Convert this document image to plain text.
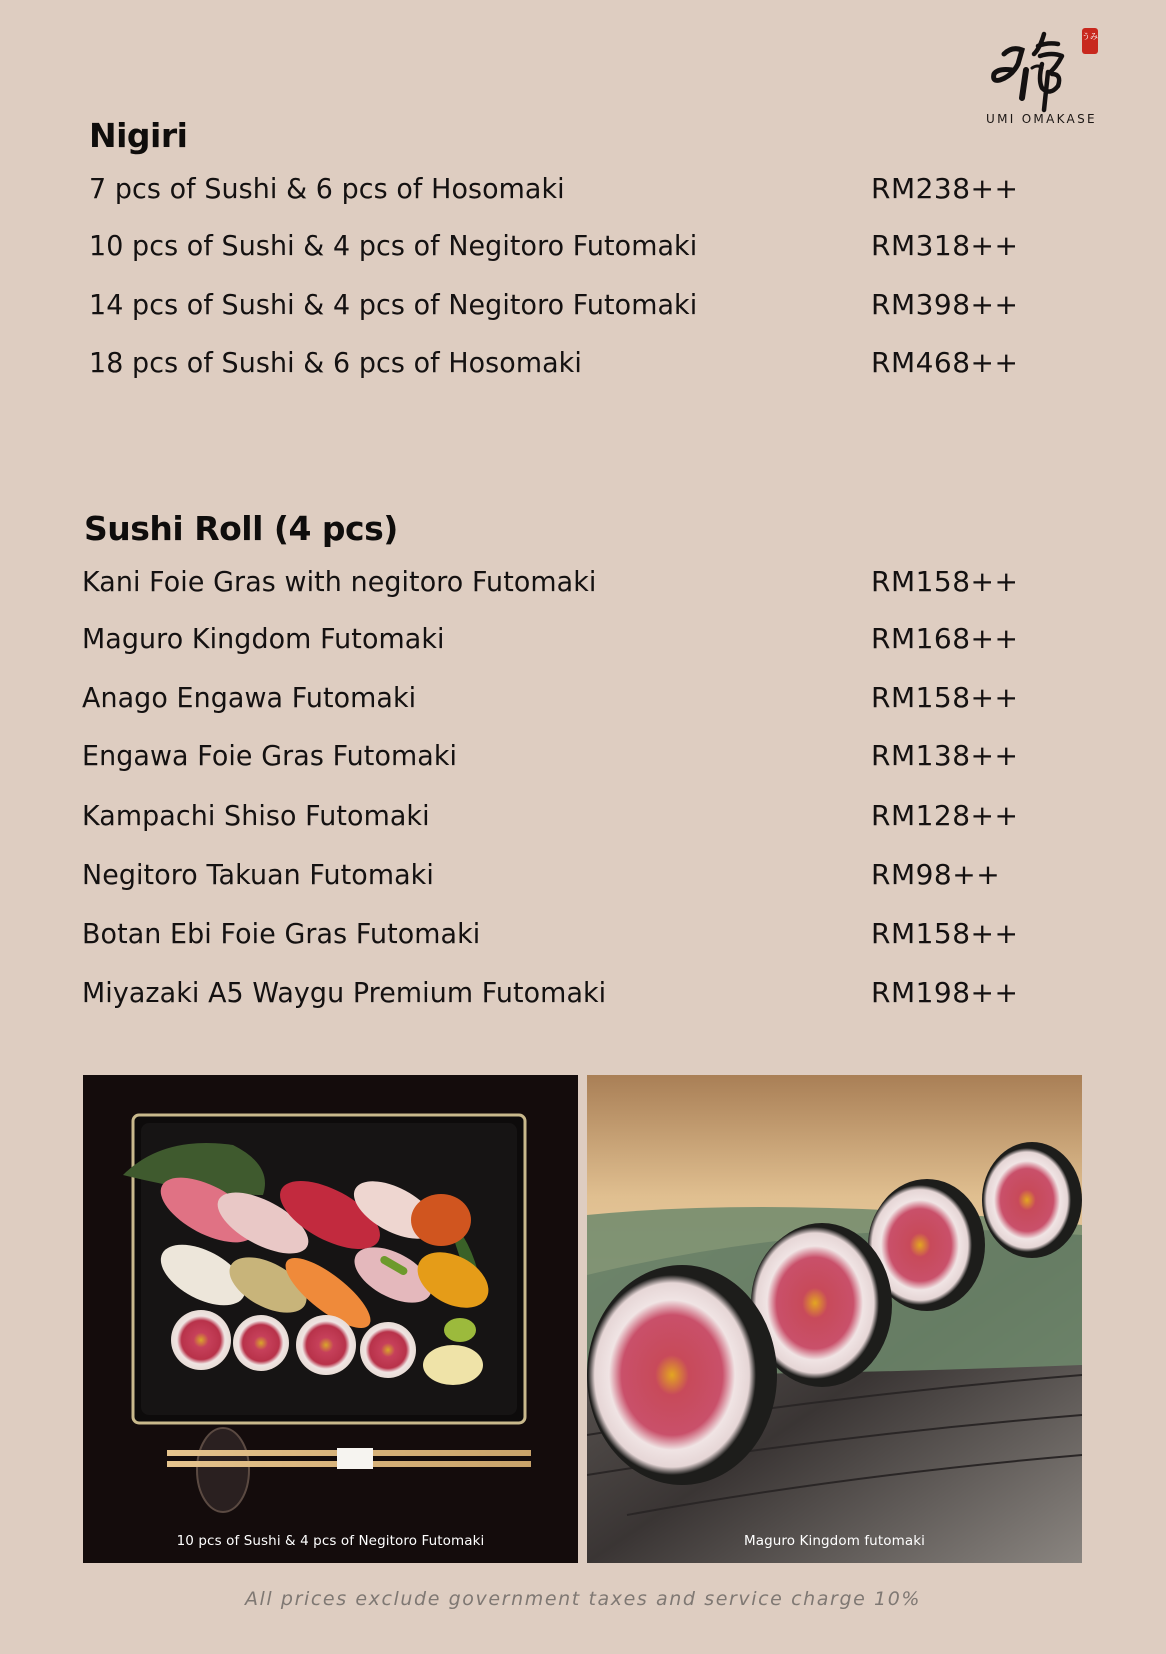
うみ
UMI OMAKASE
Nigiri
7 pcs of Sushi & 6 pcs of Hosomaki	RM238++
10 pcs of Sushi & 4 pcs of Negitoro Futomaki	RM318++
14 pcs of Sushi & 4 pcs of Negitoro Futomaki	RM398++
18 pcs of Sushi & 6 pcs of Hosomaki	RM468++
Sushi Roll (4 pcs)
Kani Foie Gras with negitoro Futomaki	RM158++
Maguro Kingdom Futomaki	RM168++
Anago Engawa Futomaki	RM158++
Engawa Foie Gras Futomaki	RM138++
Kampachi Shiso Futomaki	RM128++
Negitoro Takuan Futomaki	RM98++
Botan Ebi Foie Gras Futomaki	RM158++
Miyazaki A5 Waygu Premium Futomaki	RM198++
10 pcs of Sushi & 4 pcs of Negitoro Futomaki	Maguro Kingdom futomaki
All prices exclude government taxes and service charge 10%
